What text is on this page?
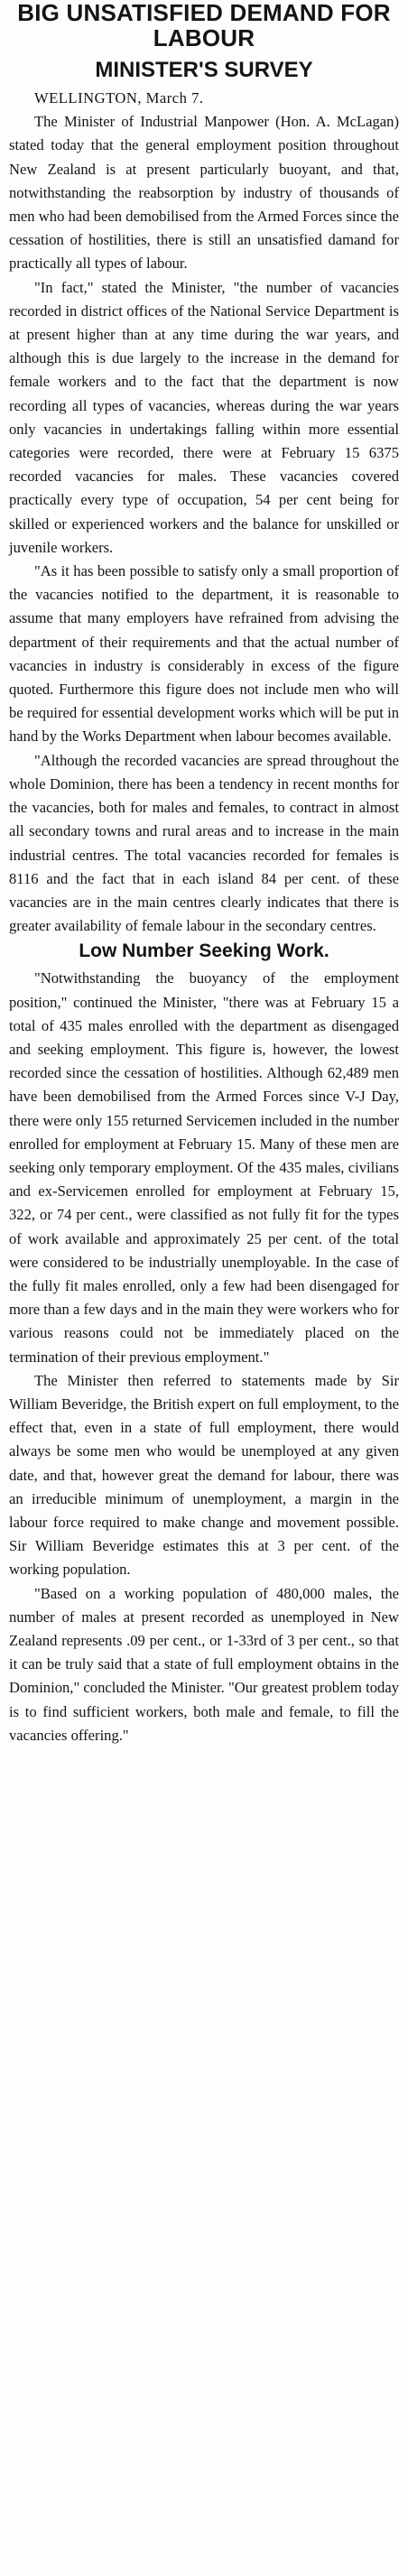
BIG UNSATISFIED DEMAND FOR
LABOUR
MINISTER'S SURVEY

WELLINGTON, March 7.

The Minister of Industrial Manpower (Hon. A. McLagan) stated today that the general employment position throughout New Zealand is at present particularly buoyant, and that, notwithstanding the reabsorption by industry of thousands of men who had been demobilised from the Armed Forces since the cessation of hostilities, there is still an unsatisfied damand for practically all types of labour.

"In fact," stated the Minister, "the number of vacancies recorded in district offices of the National Service Department is at present higher than at any time during the war years, and although this is due largely to the increase in the demand for female workers and to the fact that the department is now recording all types of vacancies, whereas during the war years only vacancies in undertakings falling within more essential categories were recorded, there were at February 15 6375 recorded vacancies for males. These vacancies covered practically every type of occupation, 54 per cent being for skilled or experienced workers and the balance for unskilled or juvenile workers.

"As it has been possible to satisfy only a small proportion of the vacancies notified to the department, it is reasonable to assume that many employers have refrained from advising the department of their requirements and that the actual number of vacancies in industry is considerably in excess of the figure quoted. Furthermore this figure does not include men who will be required for essential development works which will be put in hand by the Works Department when labour becomes available.

"Although the recorded vacancies are spread throughout the whole Dominion, there has been a tendency in recent months for the vacancies, both for males and females, to contract in almost all secondary towns and rural areas and to increase in the main industrial centres. The total vacancies recorded for females is 8116 and the fact that in each island 84 per cent. of these vacancies are in the main centres clearly indicates that there is greater availability of female labour in the secondary centres.

Low Number Seeking Work.

"Notwithstanding the buoyancy of the employment position," continued the Minister, "there was at February 15 a total of 435 males enrolled with the department as disengaged and seeking employment. This figure is, however, the lowest recorded since the cessation of hostilities. Although 62,489 men have been demobilised from the Armed Forces since V-J Day, there were only 155 returned Servicemen included in the number enrolled for employment at February 15. Many of these men are seeking only temporary employment. Of the 435 males, civilians and ex-Servicemen enrolled for employment at February 15, 322, or 74 per cent., were classified as not fully fit for the types of work available and approximately 25 per cent. of the total were considered to be industrially unemployable. In the case of the fully fit males enrolled, only a few had been disengaged for more than a few days and in the main they were workers who for various reasons could not be immediately placed on the termination of their previous employment."

The Minister then referred to statements made by Sir William Beveridge, the British expert on full employment, to the effect that, even in a state of full employment, there would always be some men who would be unemployed at any given date, and that, however great the demand for labour, there was an irreducible minimum of unemployment, a margin in the labour force required to make change and movement possible. Sir William Beveridge estimates this at 3 per cent. of the working population.

"Based on a working population of 480,000 males, the number of males at present recorded as unemployed in New Zealand represents .09 per cent., or 1-33rd of 3 per cent., so that it can be truly said that a state of full employment obtains in the Dominion," concluded the Minister. "Our greatest problem today is to find sufficient workers, both male and female, to fill the vacancies offering."
